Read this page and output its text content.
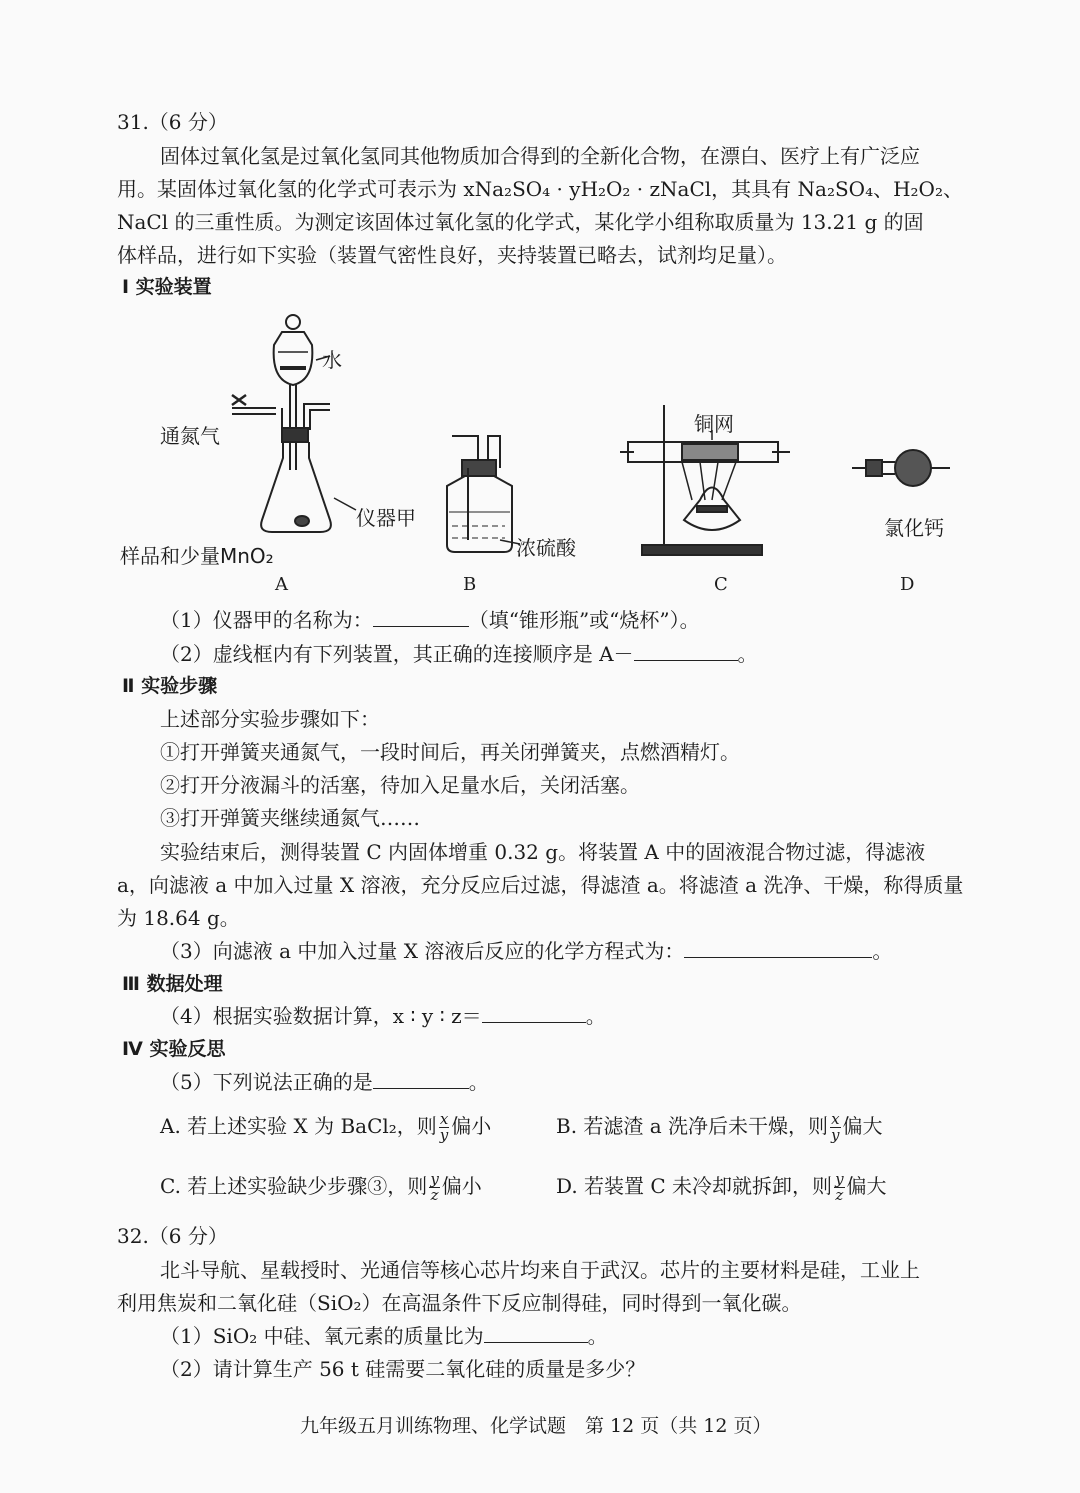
31.（6 分）
固体过氧化氢是过氧化氢同其他物质加合得到的全新化合物，在漂白、医疗上有广泛应
用。某固体过氧化氢的化学式可表示为 xNa₂SO₄ · yH₂O₂ · zNaCl，其具有 Na₂SO₄、H₂O₂、
NaCl 的三重性质。为测定该固体过氧化氢的化学式，某化学小组称取质量为 13.21 g 的固
体样品，进行如下实验（装置气密性良好，夹持装置已略去，试剂均足量）。
Ⅰ 实验装置
水
通氮气
仪器甲
样品和少量MnO₂	浓硫酸
铜网
氯化钙
A	B	C	D
（1）仪器甲的名称为：	（填“锥形瓶”或“烧杯”）。
（2）虚线框内有下列装置，其正确的连接顺序是 A－	。
Ⅱ 实验步骤
上述部分实验步骤如下：
①打开弹簧夹通氮气，一段时间后，再关闭弹簧夹，点燃酒精灯。
②打开分液漏斗的活塞，待加入足量水后，关闭活塞。
③打开弹簧夹继续通氮气……
实验结束后，测得装置 C 内固体增重 0.32 g。将装置 A 中的固液混合物过滤，得滤液
a，向滤液 a 中加入过量 X 溶液，充分反应后过滤，得滤渣 a。将滤渣 a 洗净、干燥，称得质量
为 18.64 g。
（3）向滤液 a 中加入过量 X 溶液后反应的化学方程式为：	。
Ⅲ 数据处理
（4）根据实验数据计算，x ∶ y ∶ z＝	。
Ⅳ 实验反思
（5）下列说法正确的是	。
A. 若上述实验 X 为 BaCl₂，则 $\frac{x}{y}$ 偏小	B. 若滤渣 a 洗净后未干燥，则 $\frac{x}{y}$ 偏大
C. 若上述实验缺少步骤③，则 $\frac{y}{z}$ 偏小	D. 若装置 C 未冷却就拆卸，则 $\frac{y}{z}$ 偏大
32.（6 分）
北斗导航、星载授时、光通信等核心芯片均来自于武汉。芯片的主要材料是硅，工业上
利用焦炭和二氧化硅（SiO₂）在高温条件下反应制得硅，同时得到一氧化碳。
（1）SiO₂ 中硅、氧元素的质量比为	。
（2）请计算生产 56 t 硅需要二氧化硅的质量是多少？
九年级五月训练物理、化学试题　第 12 页（共 12 页）
